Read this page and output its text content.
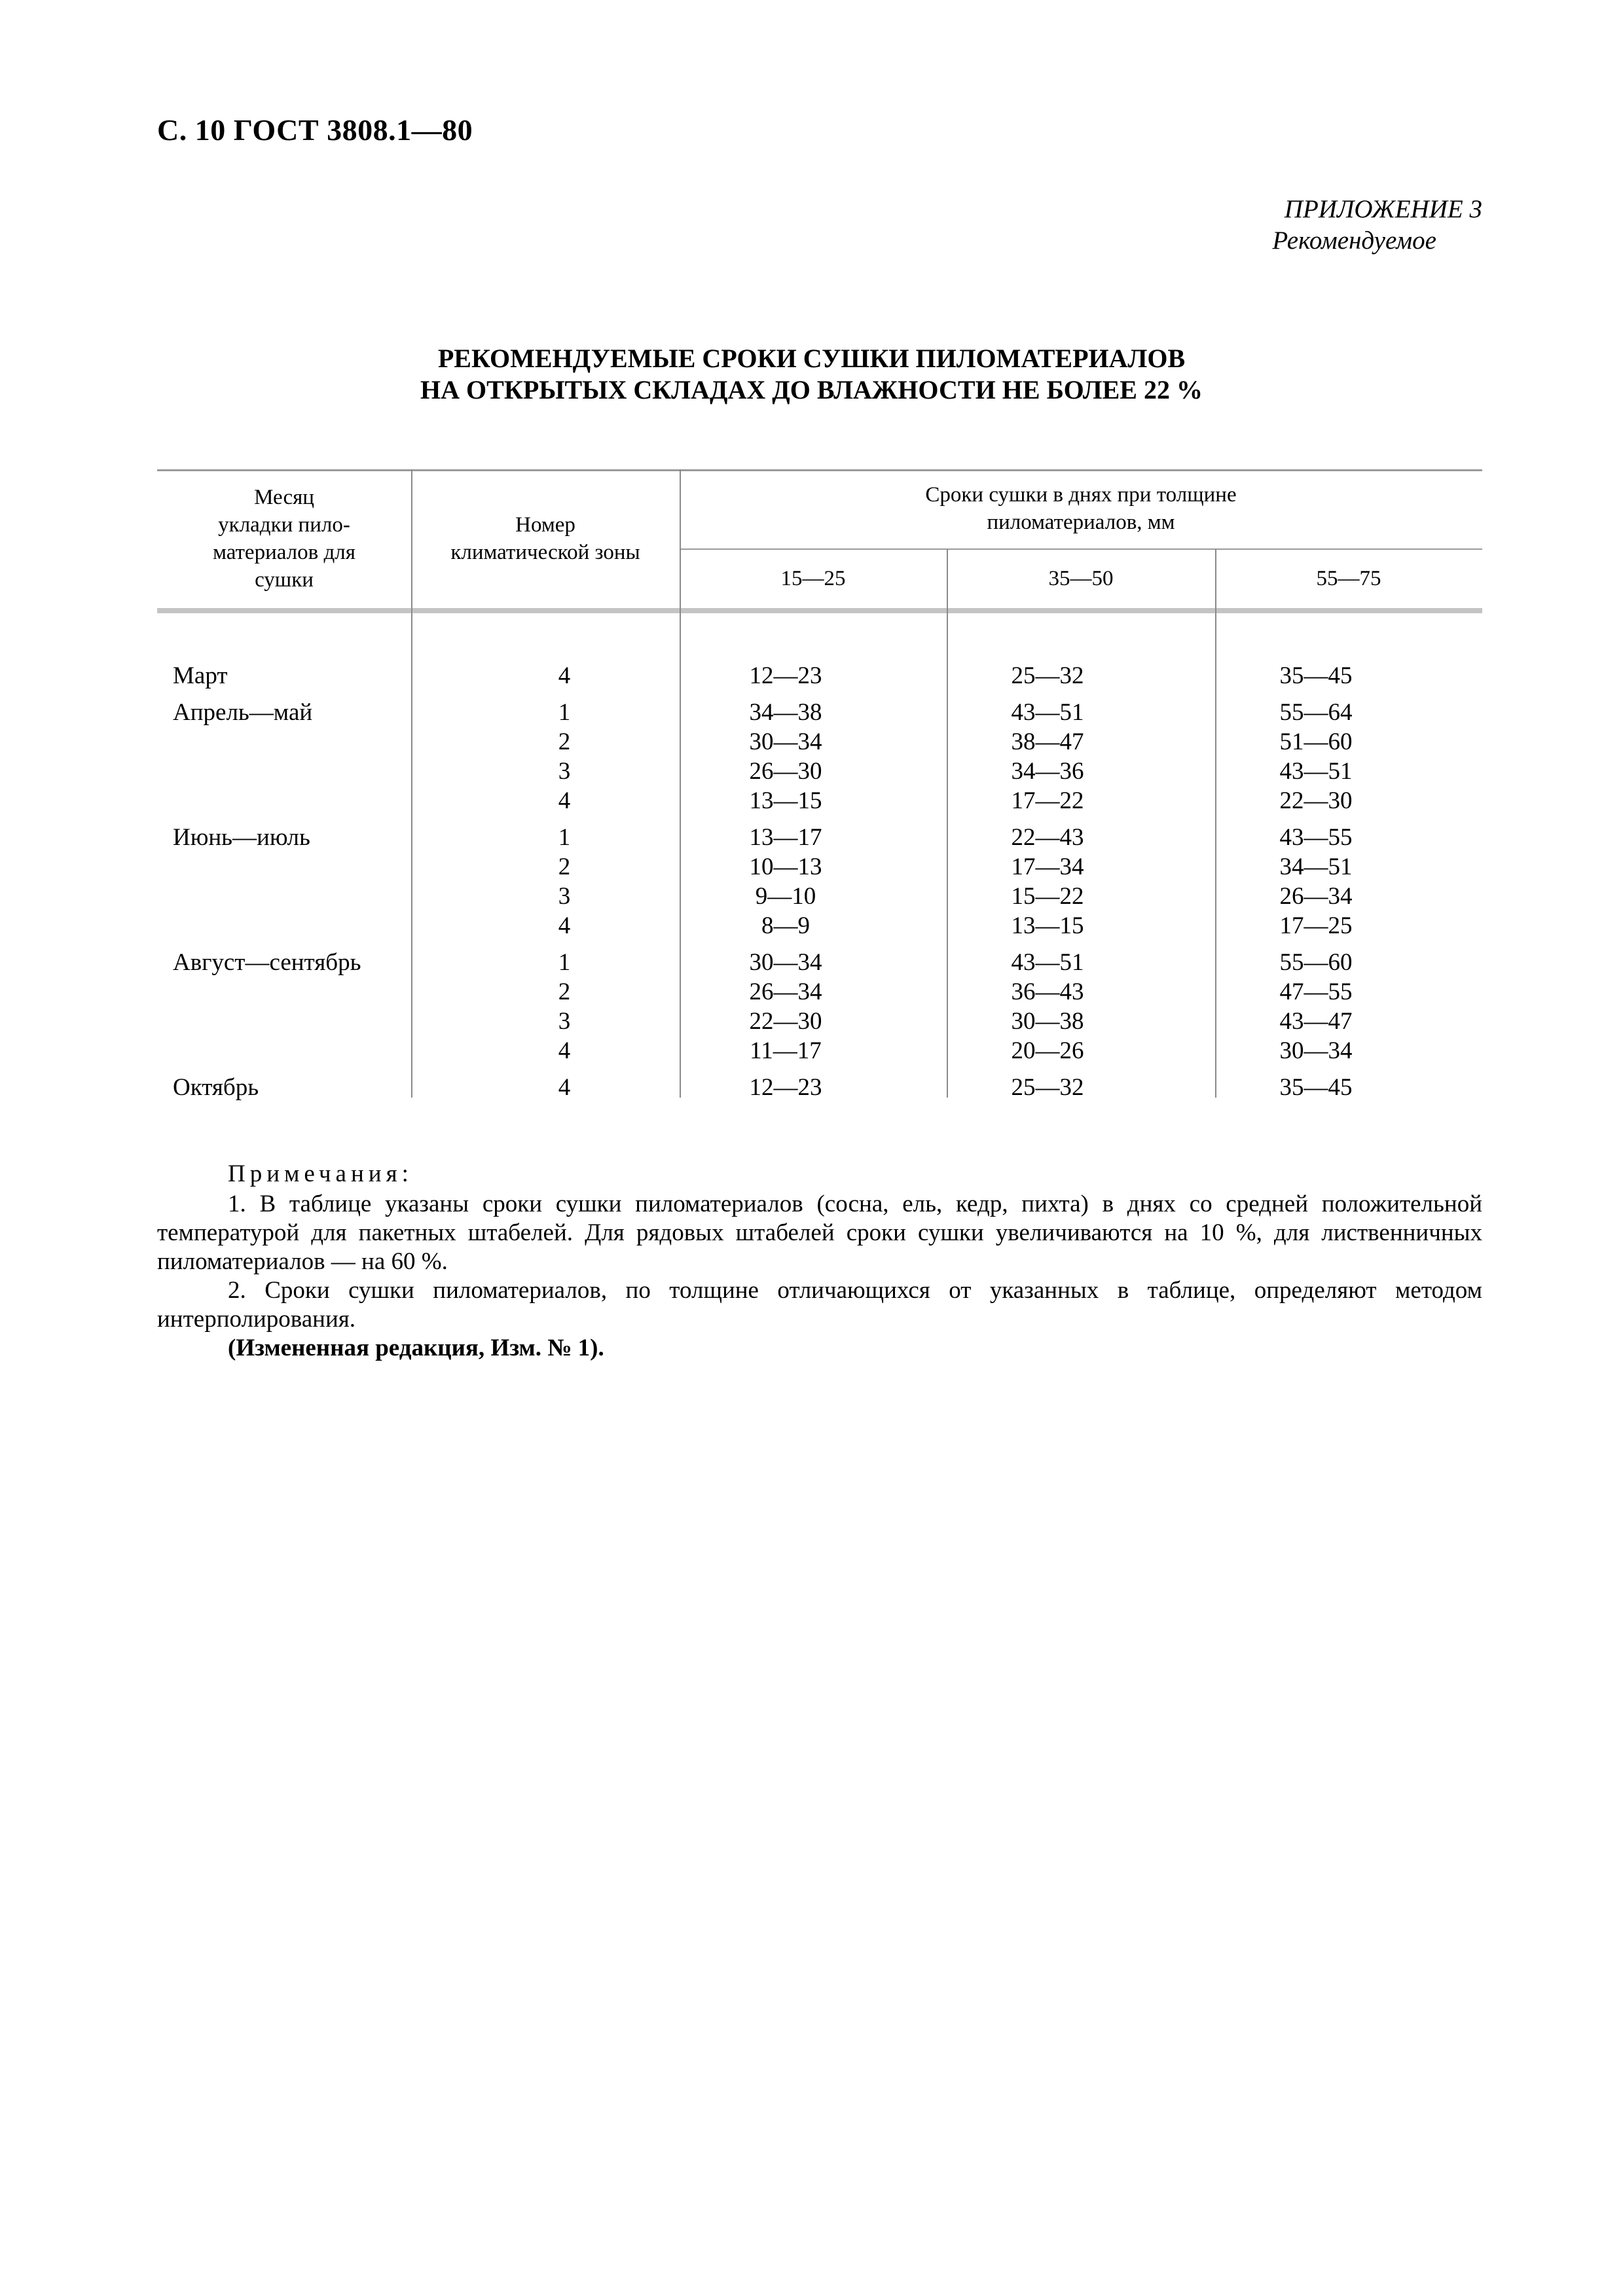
С. 10 ГОСТ 3808.1—80
ПРИЛОЖЕНИЕ 3
Рекомендуемое
РЕКОМЕНДУЕМЫЕ СРОКИ СУШКИ ПИЛОМАТЕРИАЛОВ
НА ОТКРЫТЫХ СКЛАДАХ ДО ВЛАЖНОСТИ НЕ БОЛЕЕ 22 %
Месяц
укладки пило-
материалов для
сушки
Номер
климатической зоны
Сроки сушки в днях при толщине
пиломатериалов, мм
15—25	35—50	55—75
Март	4	12—23	25—32	35—45
Апрель—май	1	34—38	43—51	55—64
2	30—34	38—47	51—60
3	26—30	34—36	43—51
4	13—15	17—22	22—30
Июнь—июль	1	13—17	22—43	43—55
2	10—13	17—34	34—51
3	9—10	15—22	26—34
4	8—9	13—15	17—25
Август—сентябрь	1	30—34	43—51	55—60
2	26—34	36—43	47—55
3	22—30	30—38	43—47
4	11—17	20—26	30—34
Октябрь	4	12—23	25—32	35—45

Примечания:

1. В таблице указаны сроки сушки пиломатериалов (сосна, ель, кедр, пихта) в днях со средней положительной температурой для пакетных штабелей. Для рядовых штабелей сроки сушки увеличиваются на 10 %, для лиственничных пиломатериалов — на 60 %.

2. Сроки сушки пиломатериалов, по толщине отличающихся от указанных в таблице, определяют методом интерполирования.

(Измененная редакция, Изм. № 1).
